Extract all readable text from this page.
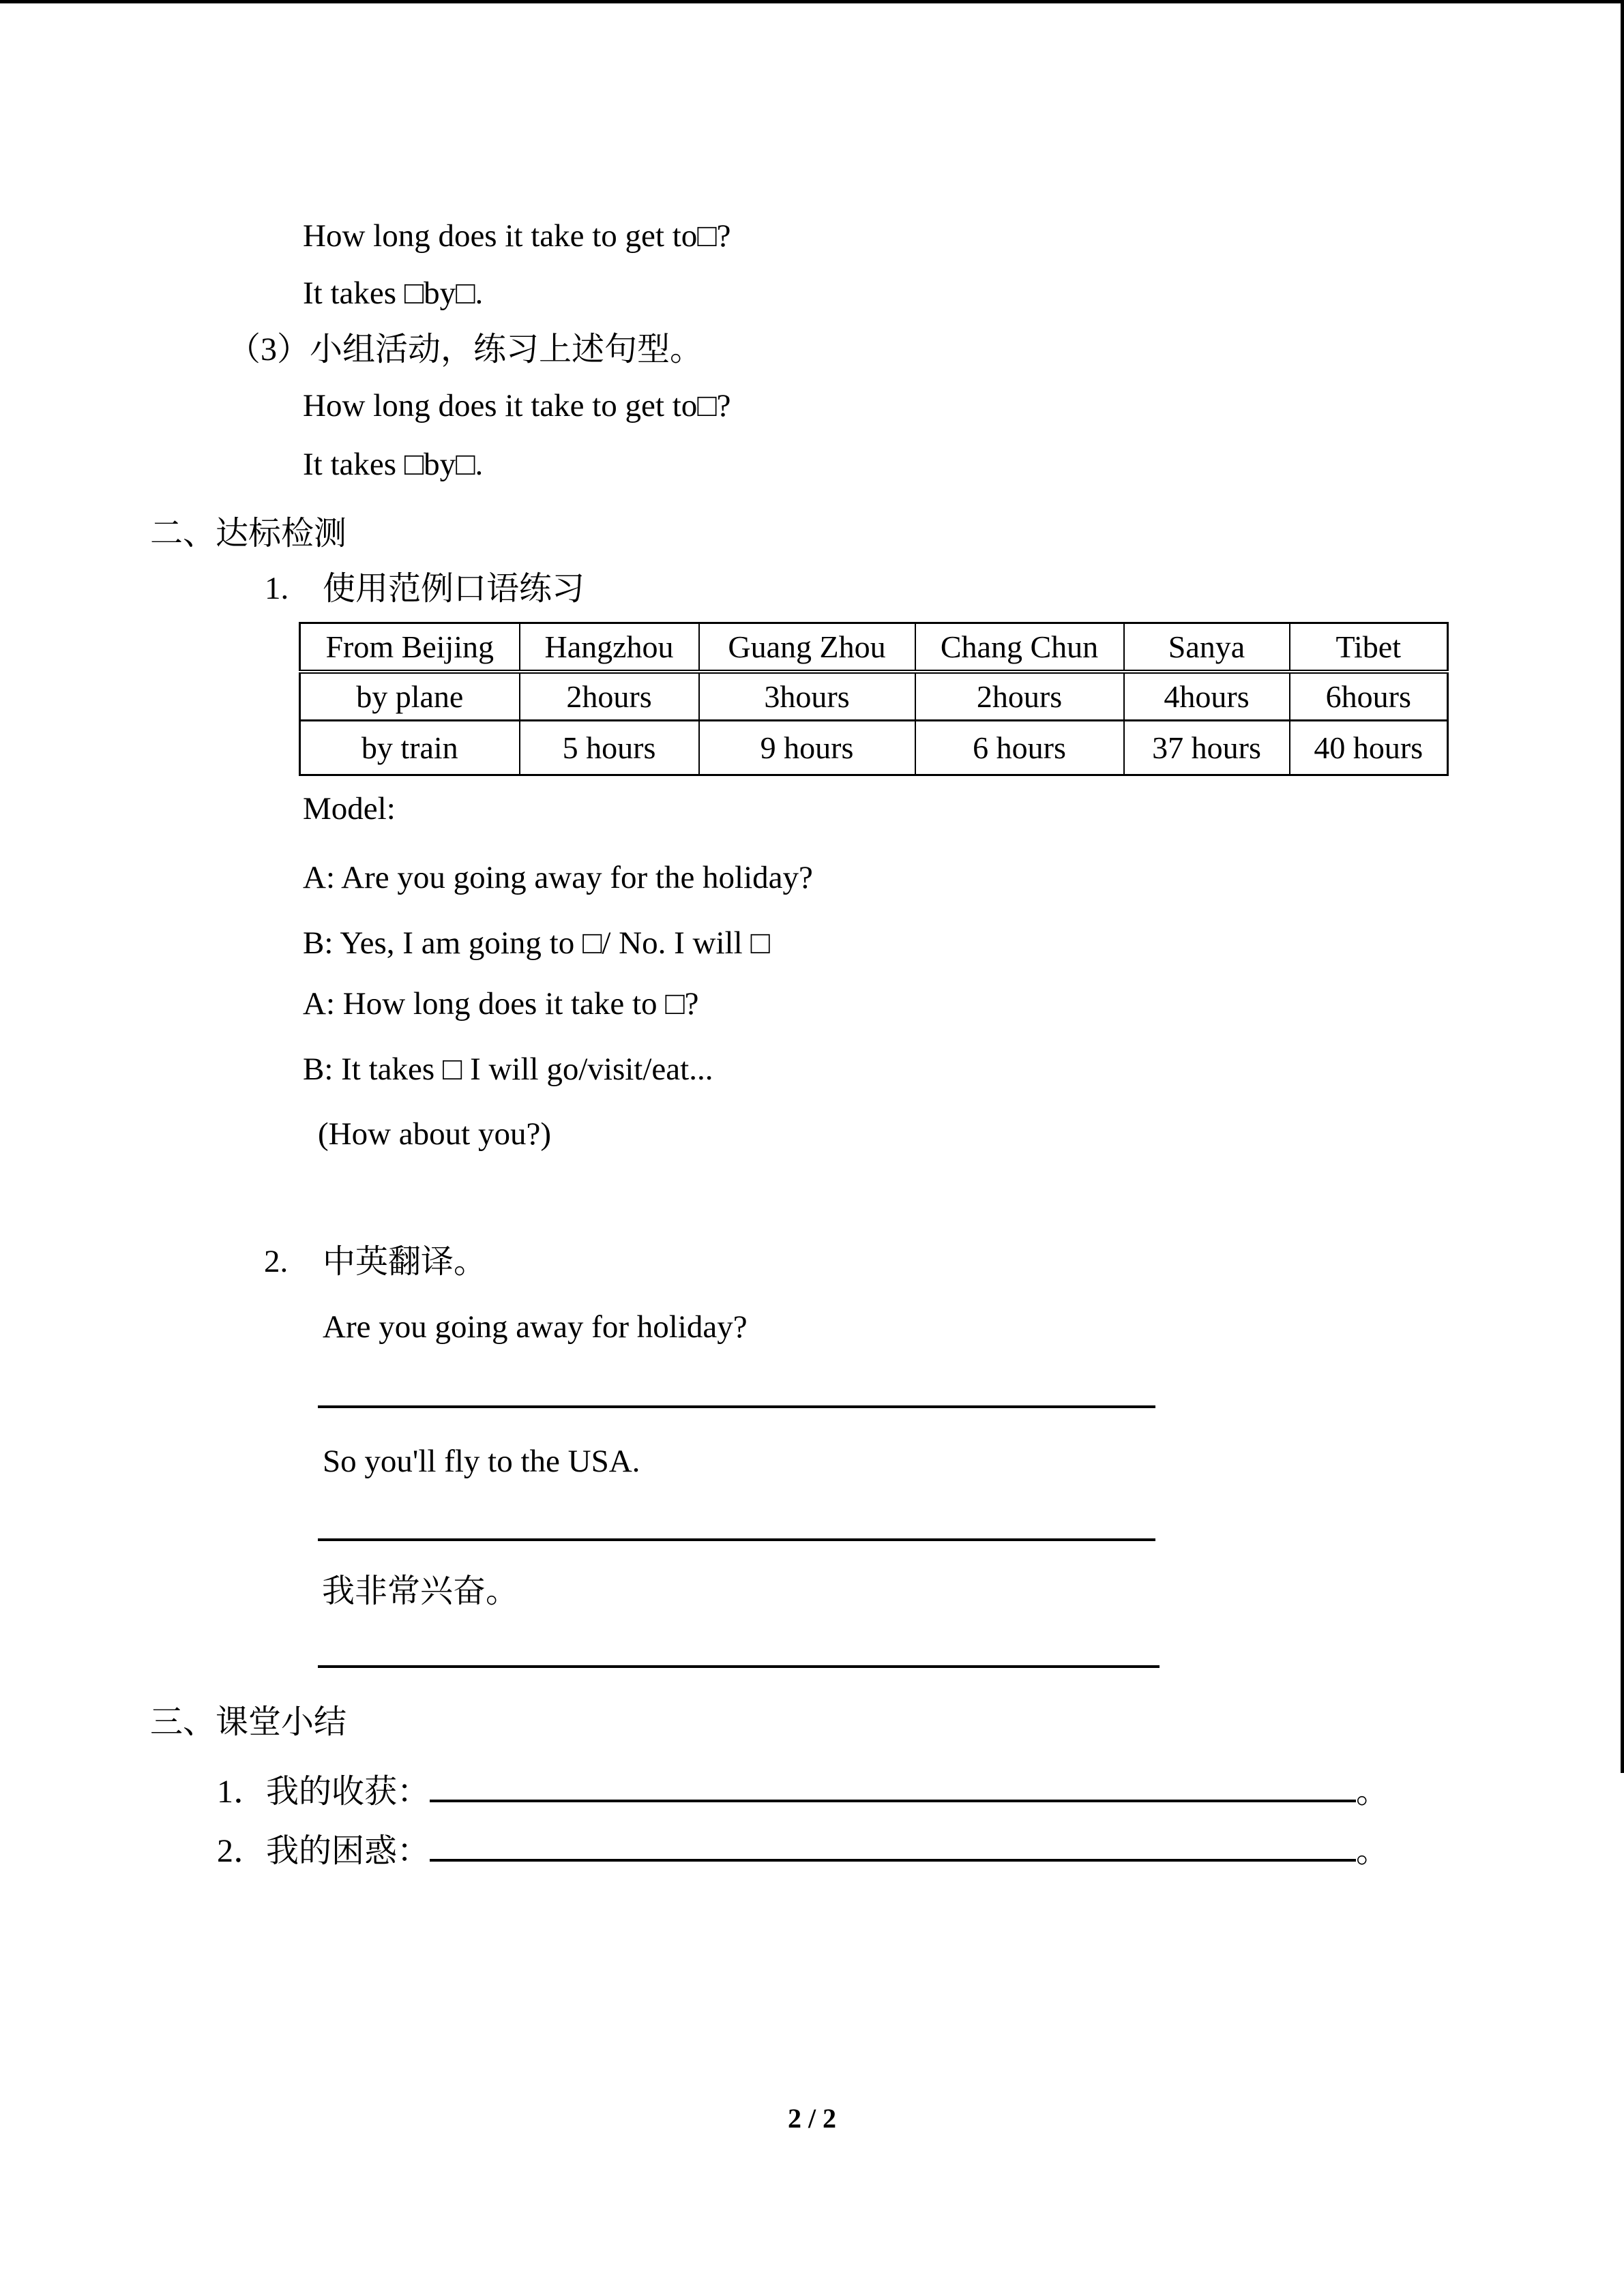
How long does it take to get to□?
It takes □by□.
（3）小组活动，练习上述句型。
How long does it take to get to□?
It takes □by□.
二、达标检测
1. 使用范例口语练习
From Beijing	Hangzhou	Guang Zhou	Chang Chun	Sanya	Tibet
by plane	2hours	3hours	2hours	4hours	6hours
by train	5 hours	9 hours	6 hours	37 hours	40 hours
Model:
A: Are you going away for the holiday?
B: Yes, I am going to □/ No. I will □
A: How long does it take to □?
B: It takes □ I will go/visit/eat...
(How about you?)
2. 中英翻译。
Are you going away for holiday?
So you'll fly to the USA.
我非常兴奋。
三、课堂小结
1．我的收获：	。
2．我的困惑：	。
2 / 2
